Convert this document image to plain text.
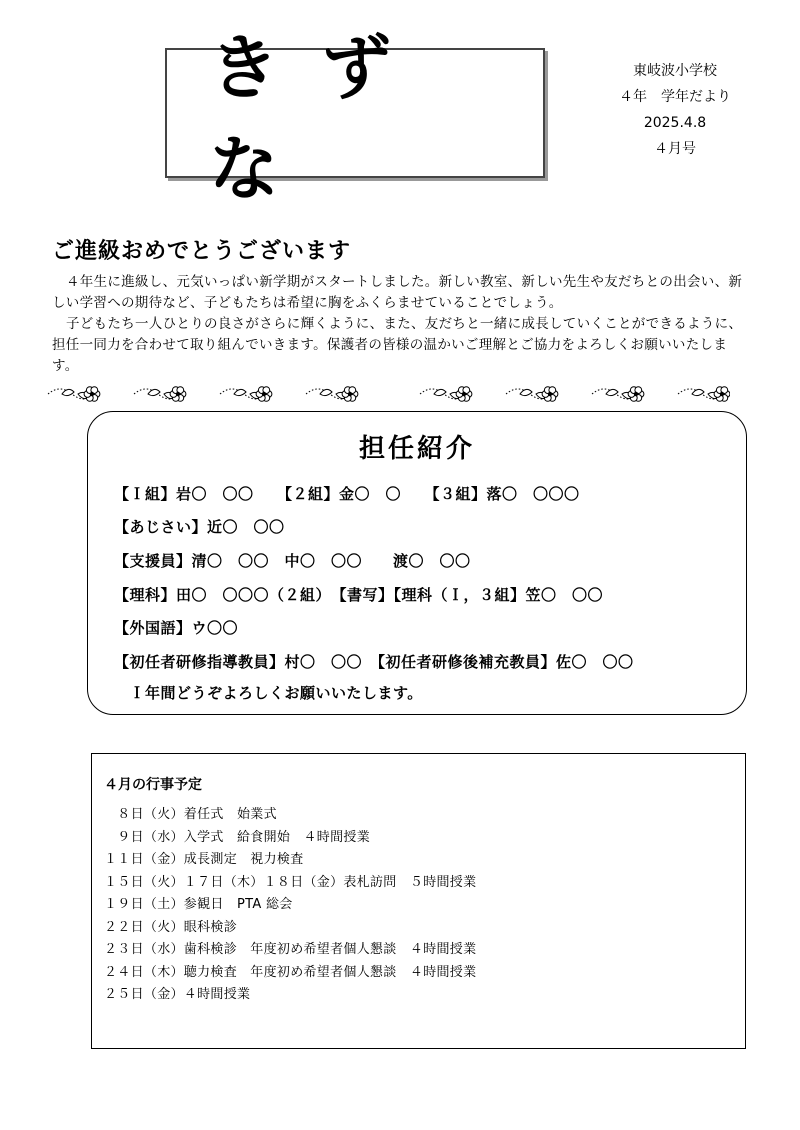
きずな
東岐波小学校
４年　学年だより
2025.4.8
４月号
ご進級おめでとうございます

４年生に進級し、元気いっぱい新学期がスタートしました。新しい教室、新しい先生や友だちとの出会い、新しい学習への期待など、子どもたちは希望に胸をふくらませていることでしょう。

子どもたち一人ひとりの良さがさらに輝くように、また、友だちと一緒に成長していくことができるように、担任一同力を合わせて取り組んでいきます。保護者の皆様の温かいご理解とご協力をよろしくお願いいたします。

担任紹介
【Ｉ組】岩〇　〇〇　　【２組】金〇　〇　　【３組】落〇　〇〇〇
【あじさい】近〇　〇〇
【支援員】清〇　〇〇　中〇　〇〇　　渡〇　〇〇
【理科】田〇　〇〇〇（２組）　【書写】【理科（Ｉ，３組】笠〇　〇〇
【外国語】ウ〇〇
【初任者研修指導教員】村〇　〇〇　【初任者研修後補充教員】佐〇　〇〇
　Ｉ年間どうぞよろしくお願いいたします。
４月の行事予定
　８日（火）着任式　始業式
　９日（水）入学式　給食開始　４時間授業
１１日（金）成長測定　視力検査
１５日（火）１７日（木）１８日（金）表札訪問　５時間授業
１９日（土）参観日　PTA 総会
２２日（火）眼科検診
２３日（水）歯科検診　年度初め希望者個人懇談　４時間授業
２４日（木）聴力検査　年度初め希望者個人懇談　４時間授業
２５日（金）４時間授業
